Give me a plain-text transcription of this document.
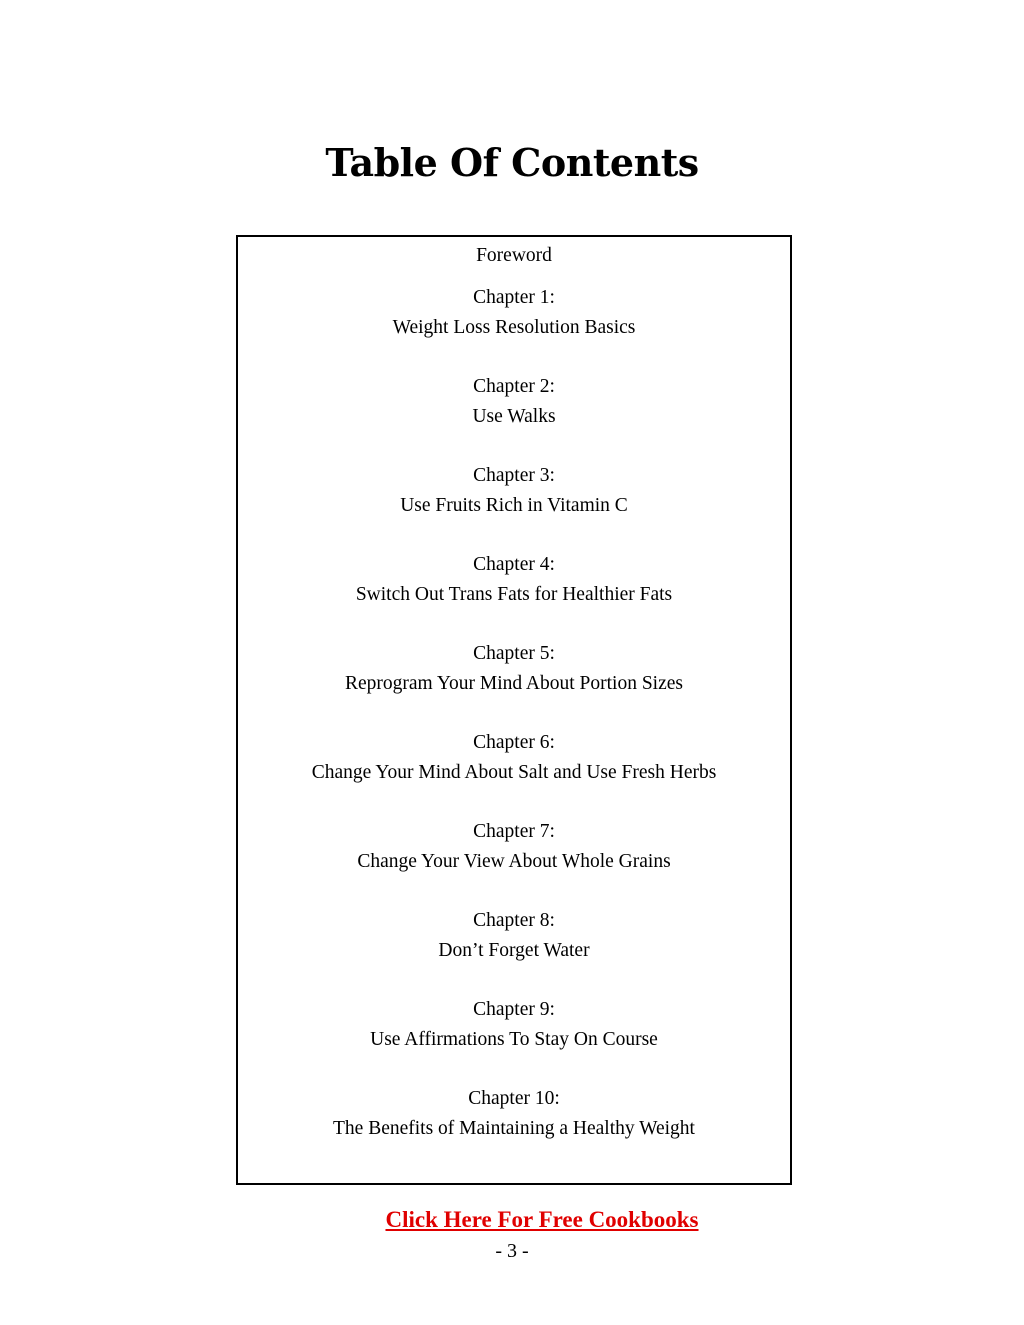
Table Of Contents
Foreword
Chapter 1:
Weight Loss Resolution Basics
Chapter 2:
Use Walks
Chapter 3:
Use Fruits Rich in Vitamin C
Chapter 4:
Switch Out Trans Fats for Healthier Fats
Chapter 5:
Reprogram Your Mind About Portion Sizes
Chapter 6:
Change Your Mind About Salt and Use Fresh Herbs
Chapter 7:
Change Your View About Whole Grains
Chapter 8:
Don’t Forget Water
Chapter 9:
Use Affirmations To Stay On Course
Chapter 10:
The Benefits of Maintaining a Healthy Weight
Click Here For Free Cookbooks
- 3 -
